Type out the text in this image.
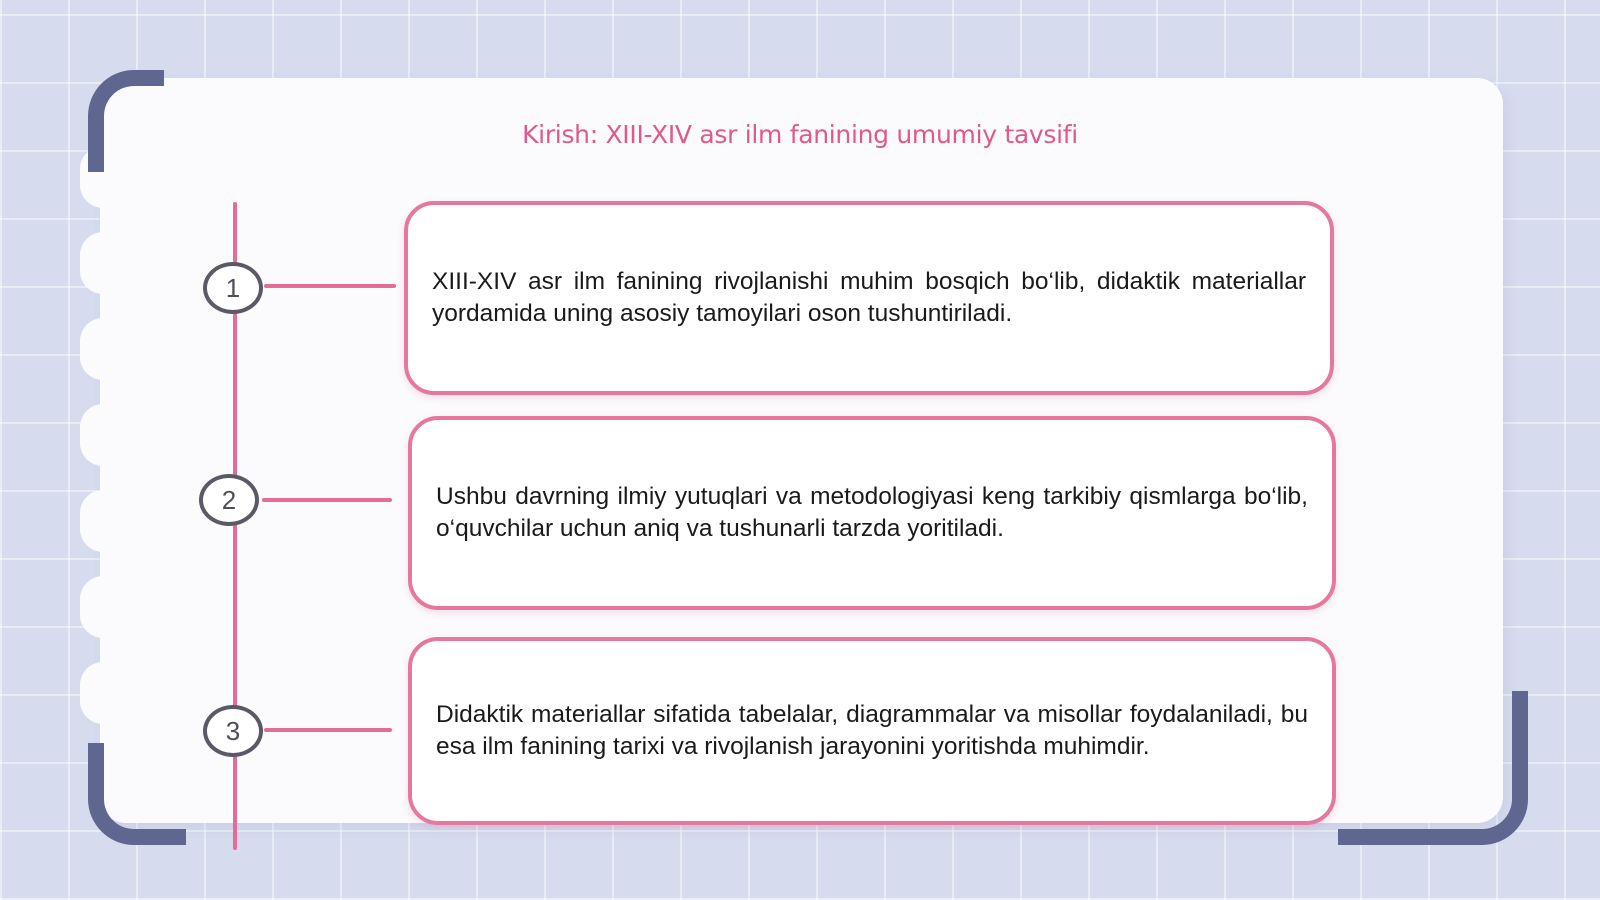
Kirish: XIII-XIV asr ilm fanining umumiy tavsifi
1	XIII-XIV asr ilm fanining rivojlanishi muhim bosqich bo‘lib, didaktik materiallar yordamida uning asosiy tamoyilari oson tushuntiriladi.
2	Ushbu davrning ilmiy yutuqlari va metodologiyasi keng tarkibiy qismlarga bo‘lib, o‘quvchilar uchun aniq va tushunarli tarzda yoritiladi.
3
Didaktik materiallar sifatida tabelalar, diagrammalar va misollar foydalaniladi, bu esa ilm fanining tarixi va rivojlanish jarayonini yoritishda muhimdir.
